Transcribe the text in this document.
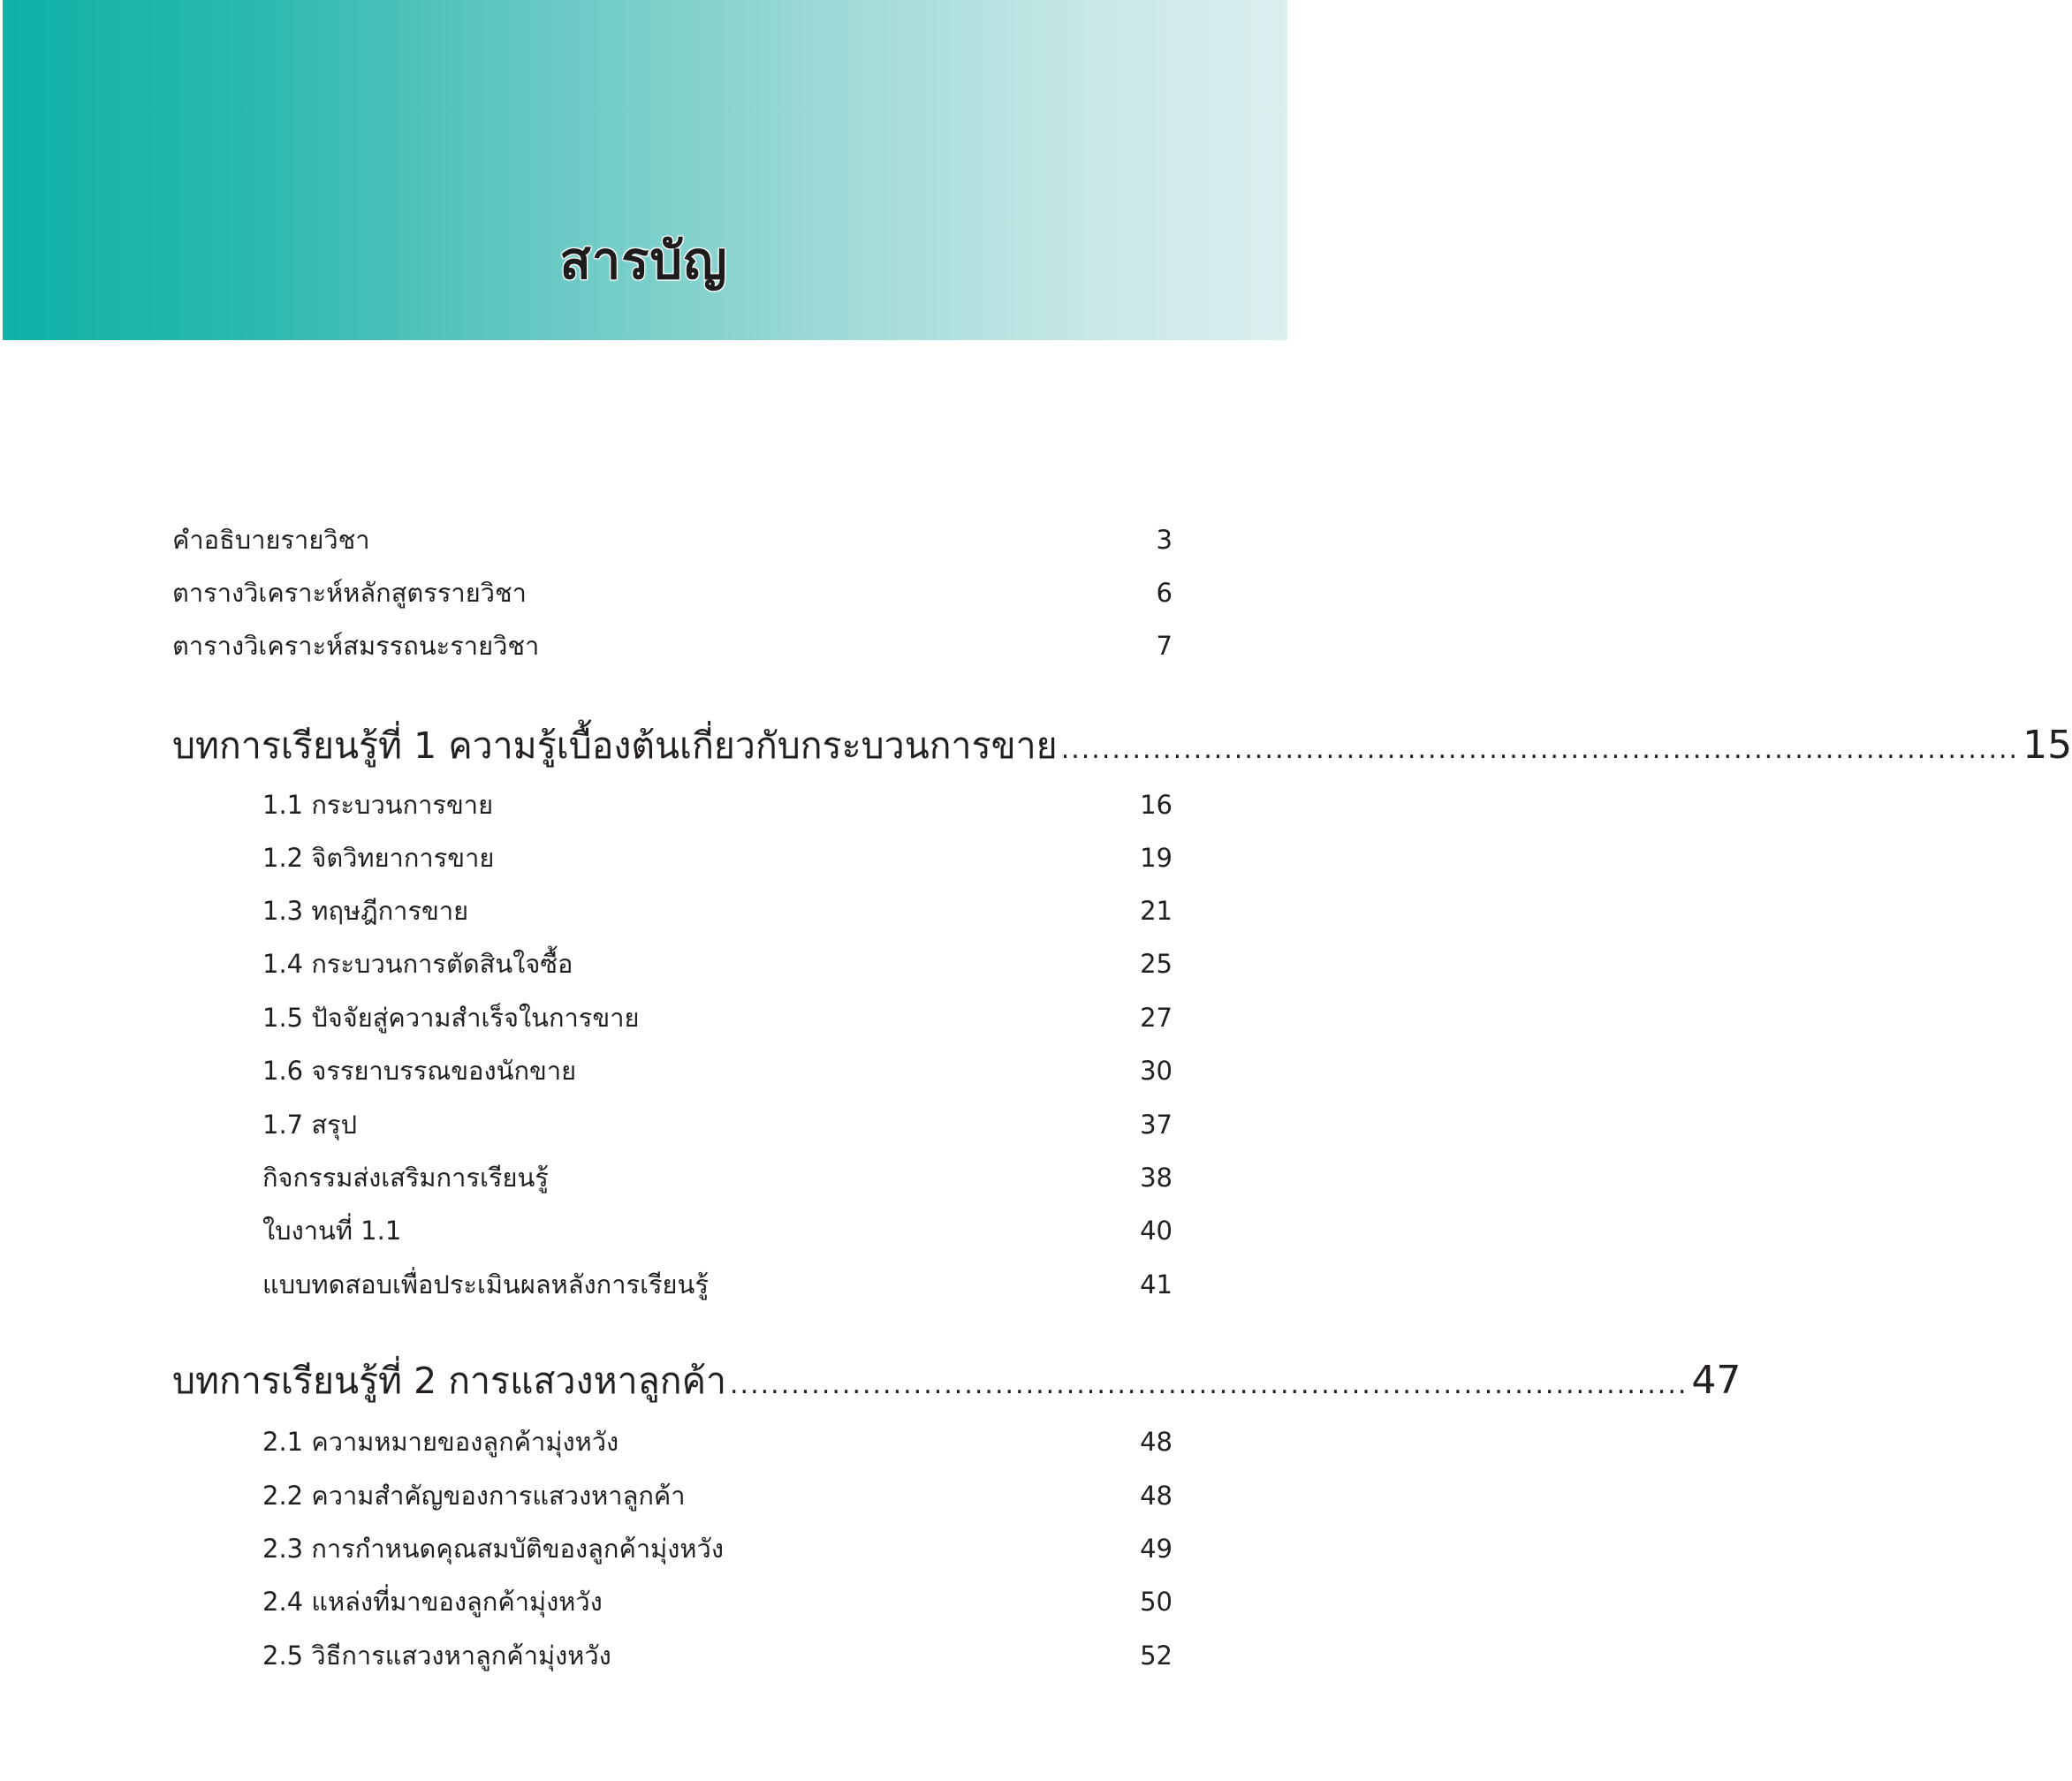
สารบัญ
คำอธิบายรายวิชา	3
ตารางวิเคราะห์หลักสูตรรายวิชา	6
ตารางวิเคราะห์สมรรถนะรายวิชา	7
บทการเรียนรู้ที่ 1 ความรู้เบื้องต้นเกี่ยวกับกระบวนการขาย .............................................................................................. 15
1.1 กระบวนการขาย	16
1.2 จิตวิทยาการขาย	19
1.3 ทฤษฎีการขาย	21
1.4 กระบวนการตัดสินใจซื้อ	25
1.5 ปัจจัยสู่ความสำเร็จในการขาย	27
1.6 จรรยาบรรณของนักขาย	30
1.7 สรุป	37
กิจกรรมส่งเสริมการเรียนรู้	38
ใบงานที่ 1.1	40
แบบทดสอบเพื่อประเมินผลหลังการเรียนรู้	41
บทการเรียนรู้ที่ 2 การแสวงหาลูกค้า .............................................................................................. 47
2.1 ความหมายของลูกค้ามุ่งหวัง	48
2.2 ความสำคัญของการแสวงหาลูกค้า	48
2.3 การกำหนดคุณสมบัติของลูกค้ามุ่งหวัง	49
2.4 แหล่งที่มาของลูกค้ามุ่งหวัง	50
2.5 วิธีการแสวงหาลูกค้ามุ่งหวัง	52
